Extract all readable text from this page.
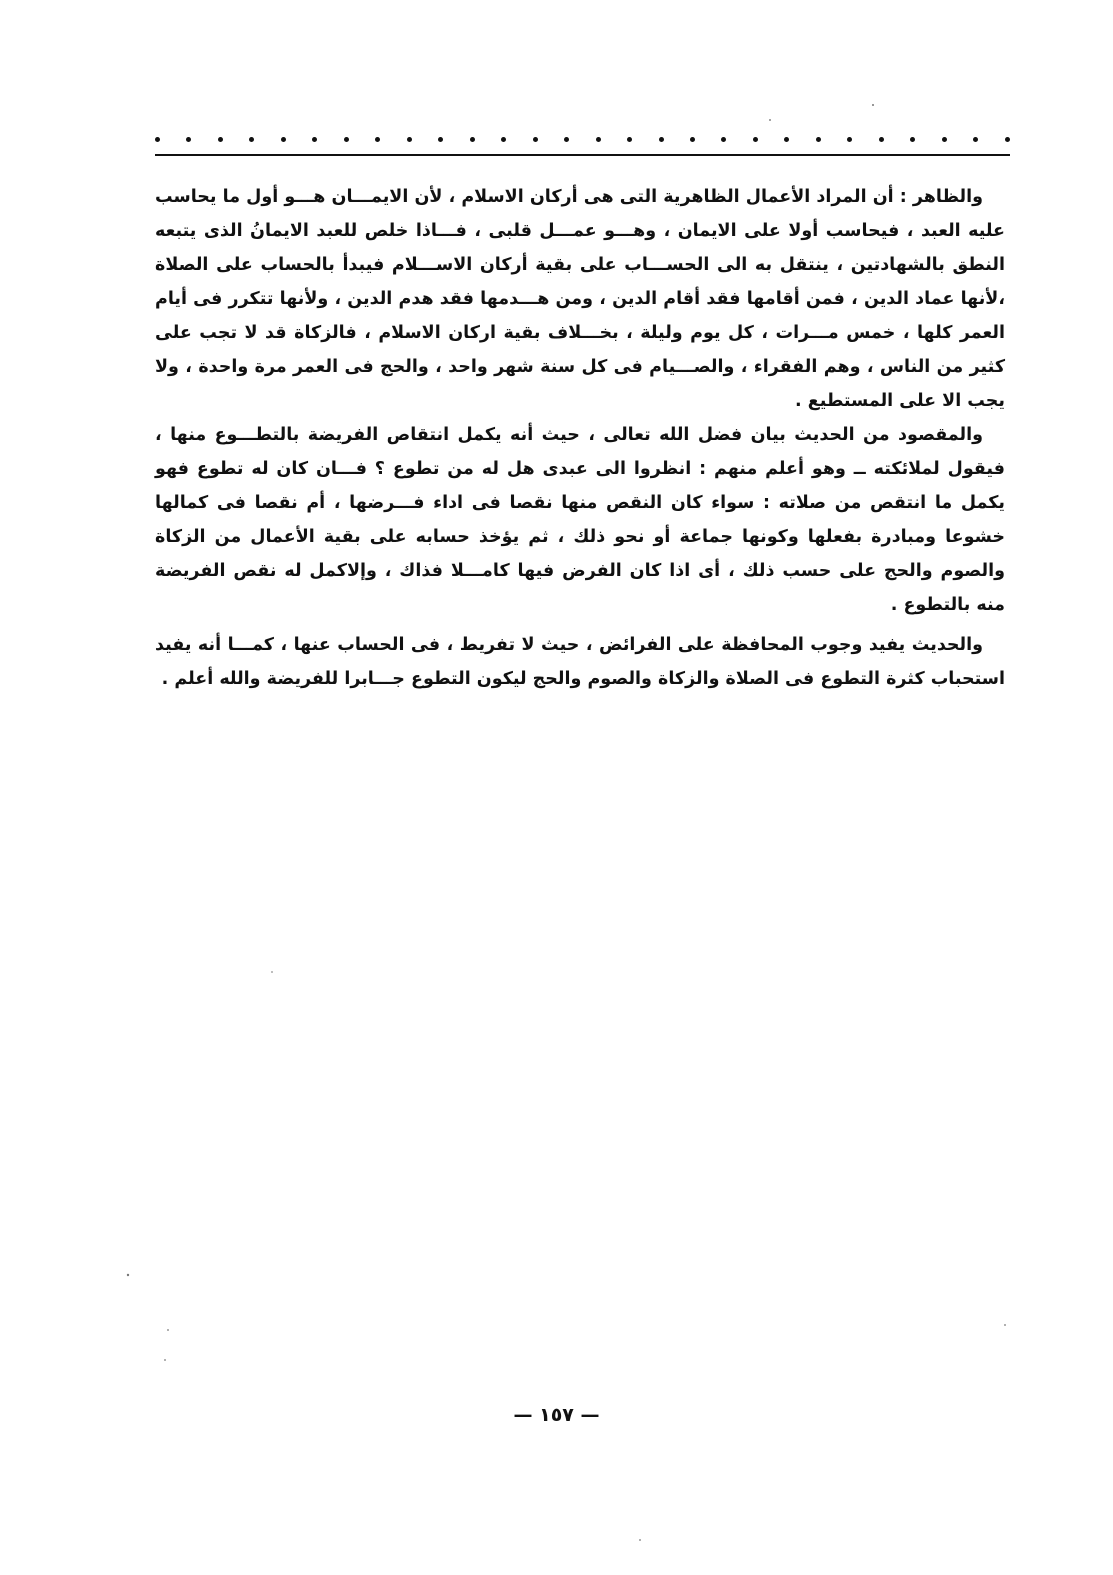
والظاهر : أن المراد الأعمال الظاهرية التى هى أركان الاسلام ، لأن الايمـــان هـــو أول ما يحاسب عليه العبد ، فيحاسب أولا على الايمان ، وهـــو عمـــل قلبى ، فـــاذا خلص للعبد الايمانُ الذى يتبعه النطق بالشهادتين ، ينتقل به الى الحســـاب على بقية أركان الاســـلام فيبدأ بالحساب على الصلاة ،لأنها عماد الدين ، فمن أقامها فقد أقام الدين ، ومن هـــدمها فقد هدم الدين ، ولأنها تتكرر فى أيام العمر كلها ، خمس مـــرات ، كل يوم وليلة ، بخـــلاف بقية اركان الاسلام ، فالزكاة قد لا تجب على كثير من الناس ، وهم الفقراء ، والصـــيام فى كل سنة شهر واحد ، والحج فى العمر مرة واحدة ، ولا يجب الا على المستطيع .

والمقصود من الحديث بيان فضل الله تعالى ، حيث أنه يكمل انتقاص الفريضة بالتطـــوع منها ، فيقول لملائكته ــ وهو أعلم منهم : انظروا الى عبدى هل له من تطوع ؟ فـــان كان له تطوع فهو يكمل ما انتقص من صلاته : سواء كان النقص منها نقصا فى اداء فـــرضها ، أم نقصا فى كمالها خشوعا ومبادرة بفعلها وكونها جماعة أو نحو ذلك ، ثم يؤخذ حسابه على بقية الأعمال من الزكاة والصوم والحج على حسب ذلك ، أى اذا كان الفرض فيها كامـــلا فذاك ، وإلاكمل له نقص الفريضة منه بالتطوع .

والحديث يفيد وجوب المحافظة على الفرائض ، حيث لا تفريط ، فى الحساب عنها ، كمـــا أنه يفيد استحباب كثرة التطوع فى الصلاة والزكاة والصوم والحج ليكون التطوع جـــابرا للفريضة والله أعلم .

— ١٥٧ —
